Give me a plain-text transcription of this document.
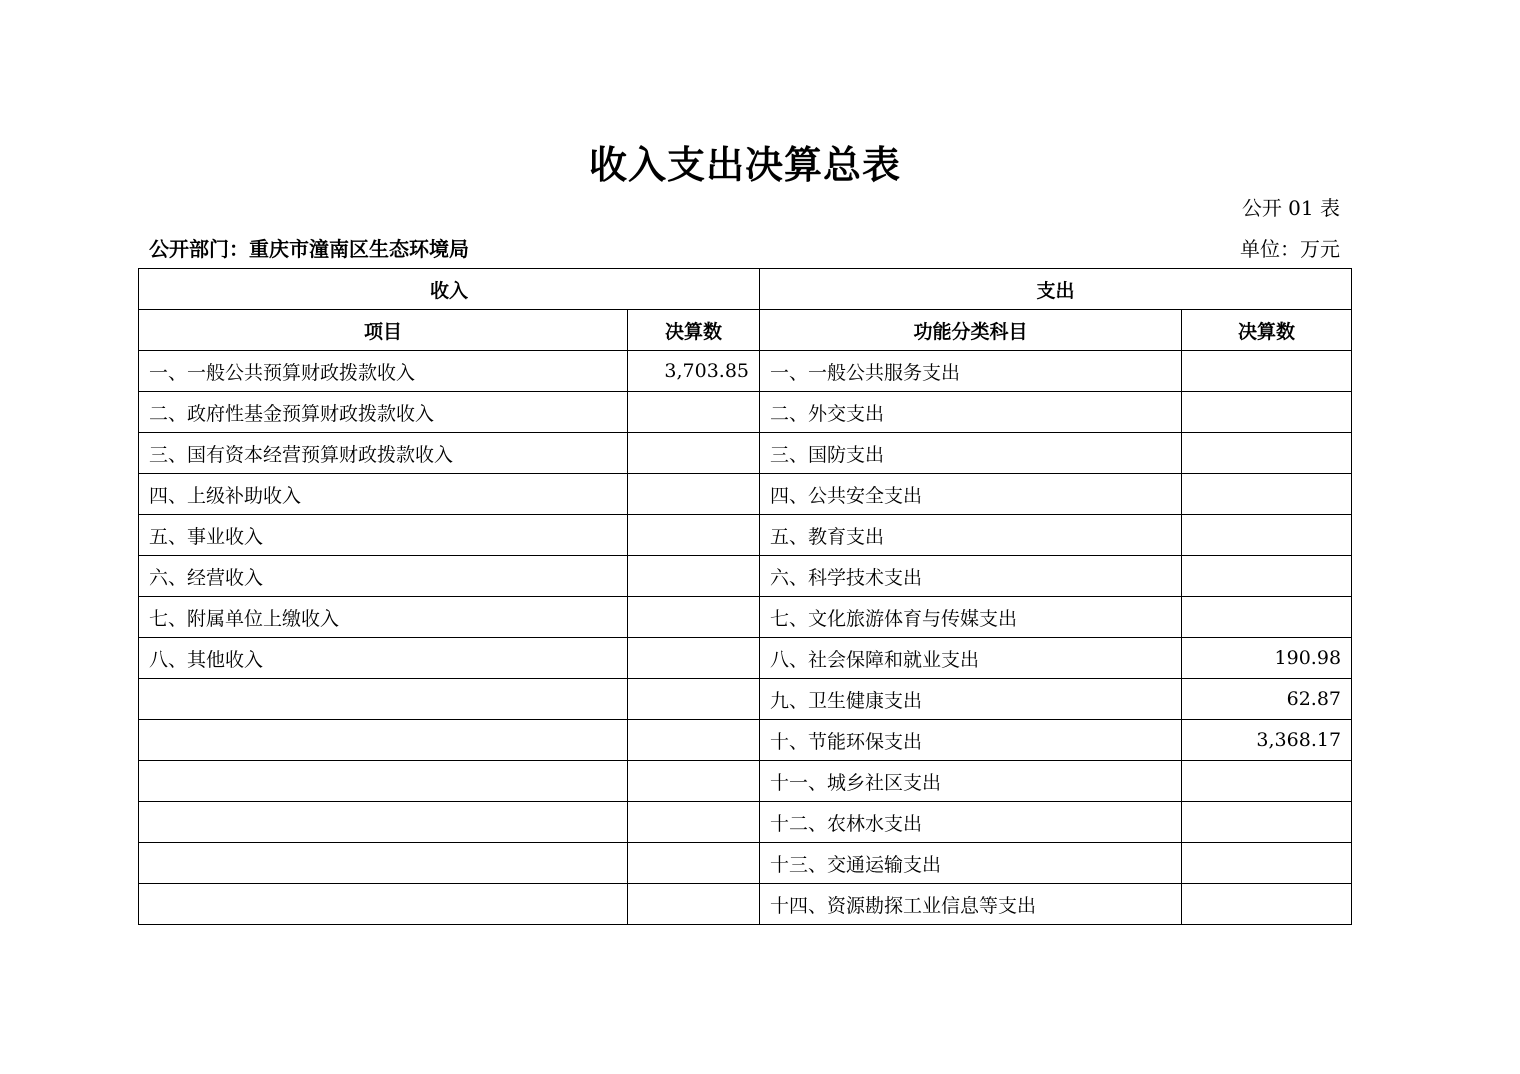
收入支出决算总表
公开 01 表
公开部门：重庆市潼南区生态环境局	单位：万元
收入		支出	
项目	决算数	功能分类科目	决算数
一、一般公共预算财政拨款收入	3,703.85	一、一般公共服务支出	
二、政府性基金预算财政拨款收入		二、外交支出	
三、国有资本经营预算财政拨款收入		三、国防支出	
四、上级补助收入		四、公共安全支出	
五、事业收入		五、教育支出	
六、经营收入		六、科学技术支出	
七、附属单位上缴收入		七、文化旅游体育与传媒支出	
八、其他收入		八、社会保障和就业支出	190.98
		九、卫生健康支出	62.87
		十、节能环保支出	3,368.17
		十一、城乡社区支出	
		十二、农林水支出	
		十三、交通运输支出	
		十四、资源勘探工业信息等支出	
